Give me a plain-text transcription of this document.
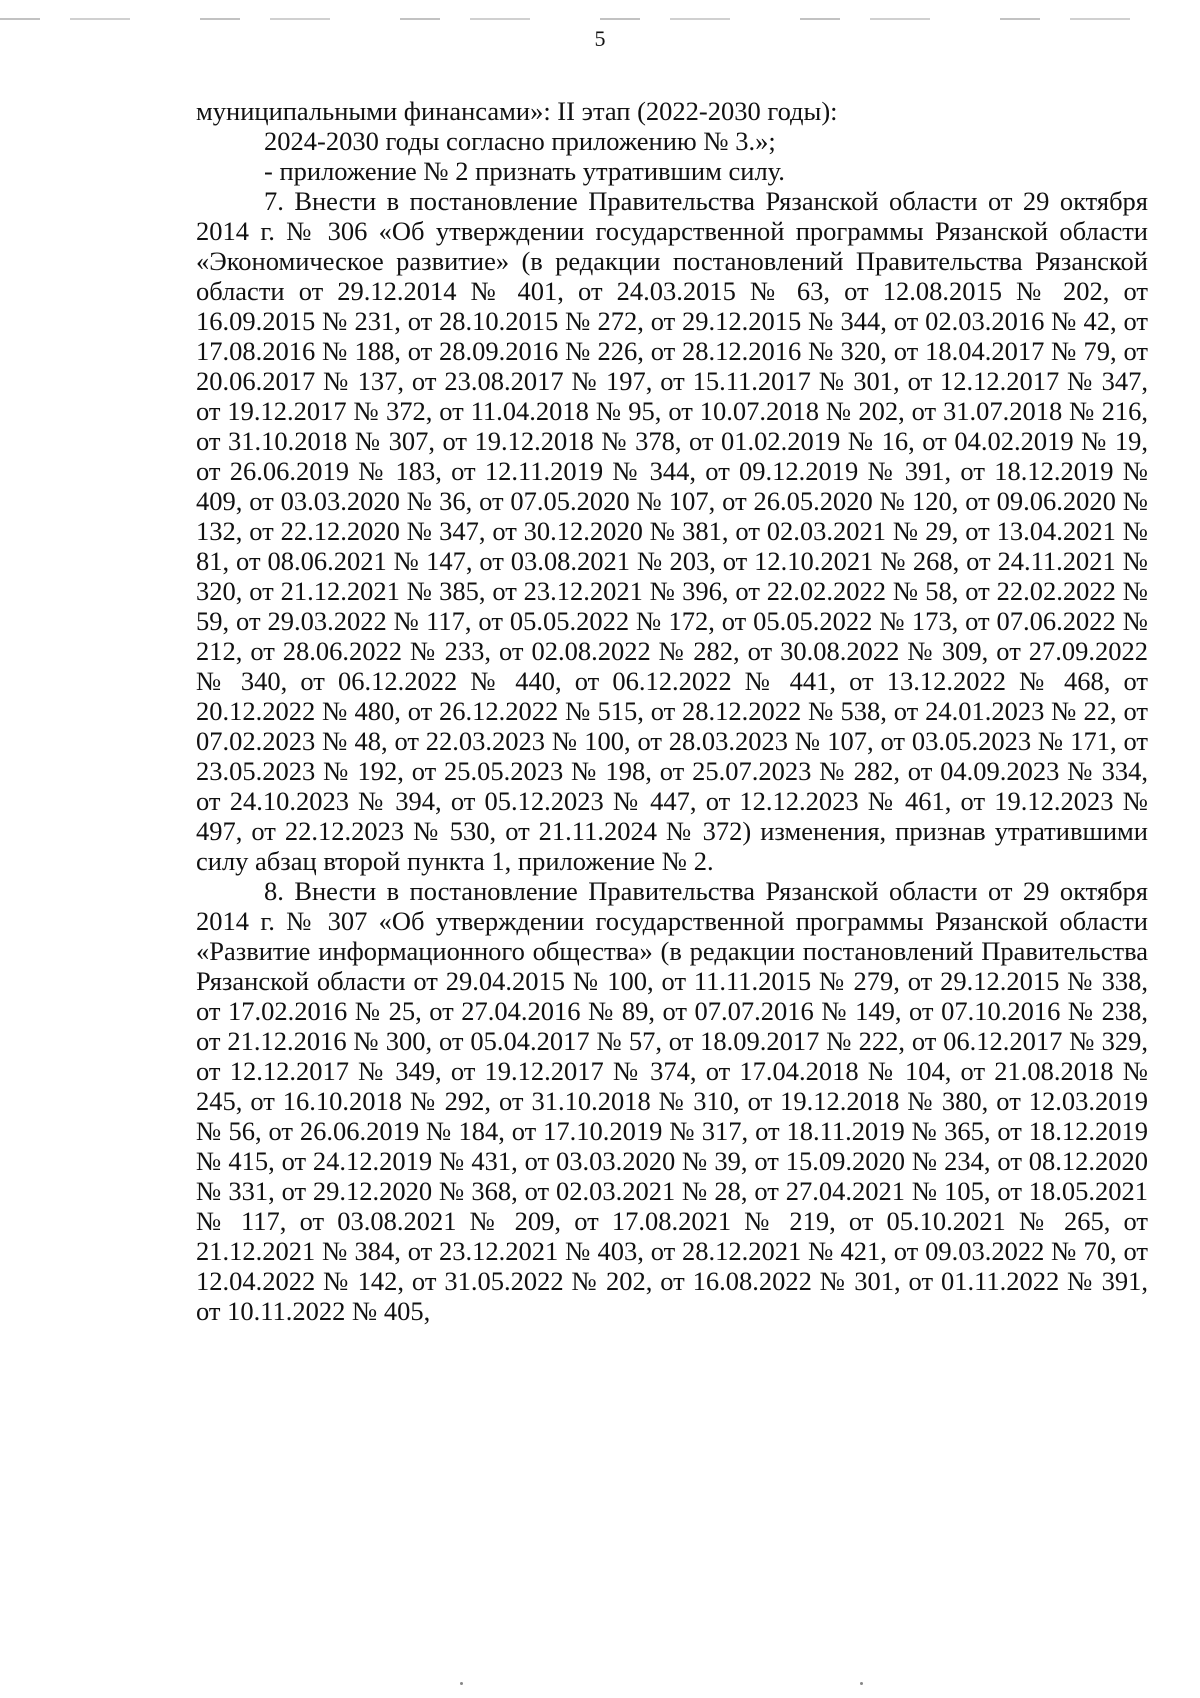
5

муниципальными финансами»: II этап (2022-2030 годы):

2024-2030 годы согласно приложению № 3.»;

- приложение № 2 признать утратившим силу.

7. Внести в постановление Правительства Рязанской области от 29 октября 2014 г. № 306 «Об утверждении государственной программы Рязанской области «Экономическое развитие» (в редакции постановлений Правительства Рязанской области от 29.12.2014 № 401, от 24.03.2015 № 63, от 12.08.2015 № 202, от 16.09.2015 № 231, от 28.10.2015 № 272, от 29.12.2015 № 344, от 02.03.2016 № 42, от 17.08.2016 № 188, от 28.09.2016 № 226, от 28.12.2016 № 320, от 18.04.2017 № 79, от 20.06.2017 № 137, от 23.08.2017 № 197, от 15.11.2017 № 301, от 12.12.2017 № 347, от 19.12.2017 № 372, от 11.04.2018 № 95, от 10.07.2018 № 202, от 31.07.2018 № 216, от 31.10.2018 № 307, от 19.12.2018 № 378, от 01.02.2019 № 16, от 04.02.2019 № 19, от 26.06.2019 № 183, от 12.11.2019 № 344, от 09.12.2019 № 391, от 18.12.2019 № 409, от 03.03.2020 № 36, от 07.05.2020 № 107, от 26.05.2020 № 120, от 09.06.2020 № 132, от 22.12.2020 № 347, от 30.12.2020 № 381, от 02.03.2021 № 29, от 13.04.2021 № 81, от 08.06.2021 № 147, от 03.08.2021 № 203, от 12.10.2021 № 268, от 24.11.2021 № 320, от 21.12.2021 № 385, от 23.12.2021 № 396, от 22.02.2022 № 58, от 22.02.2022 № 59, от 29.03.2022 № 117, от 05.05.2022 № 172, от 05.05.2022 № 173, от 07.06.2022 № 212, от 28.06.2022 № 233, от 02.08.2022 № 282, от 30.08.2022 № 309, от 27.09.2022 № 340, от 06.12.2022 № 440, от 06.12.2022 № 441, от 13.12.2022 № 468, от 20.12.2022 № 480, от 26.12.2022 № 515, от 28.12.2022 № 538, от 24.01.2023 № 22, от 07.02.2023 № 48, от 22.03.2023 № 100, от 28.03.2023 № 107, от 03.05.2023 № 171, от 23.05.2023 № 192, от 25.05.2023 № 198, от 25.07.2023 № 282, от 04.09.2023 № 334, от 24.10.2023 № 394, от 05.12.2023 № 447, от 12.12.2023 № 461, от 19.12.2023 № 497, от 22.12.2023 № 530, от 21.11.2024 № 372) изменения, признав утратившими силу абзац второй пункта 1, приложение № 2.

8. Внести в постановление Правительства Рязанской области от 29 октября 2014 г. № 307 «Об утверждении государственной программы Рязанской области «Развитие информационного общества» (в редакции постановлений Правительства Рязанской области от 29.04.2015 № 100, от 11.11.2015 № 279, от 29.12.2015 № 338, от 17.02.2016 № 25, от 27.04.2016 № 89, от 07.07.2016 № 149, от 07.10.2016 № 238, от 21.12.2016 № 300, от 05.04.2017 № 57, от 18.09.2017 № 222, от 06.12.2017 № 329, от 12.12.2017 № 349, от 19.12.2017 № 374, от 17.04.2018 № 104, от 21.08.2018 № 245, от 16.10.2018 № 292, от 31.10.2018 № 310, от 19.12.2018 № 380, от 12.03.2019 № 56, от 26.06.2019 № 184, от 17.10.2019 № 317, от 18.11.2019 № 365, от 18.12.2019 № 415, от 24.12.2019 № 431, от 03.03.2020 № 39, от 15.09.2020 № 234, от 08.12.2020 № 331, от 29.12.2020 № 368, от 02.03.2021 № 28, от 27.04.2021 № 105, от 18.05.2021 № 117, от 03.08.2021 № 209, от 17.08.2021 № 219, от 05.10.2021 № 265, от 21.12.2021 № 384, от 23.12.2021 № 403, от 28.12.2021 № 421, от 09.03.2022 № 70, от 12.04.2022 № 142, от 31.05.2022 № 202, от 16.08.2022 № 301, от 01.11.2022 № 391, от 10.11.2022 № 405,
